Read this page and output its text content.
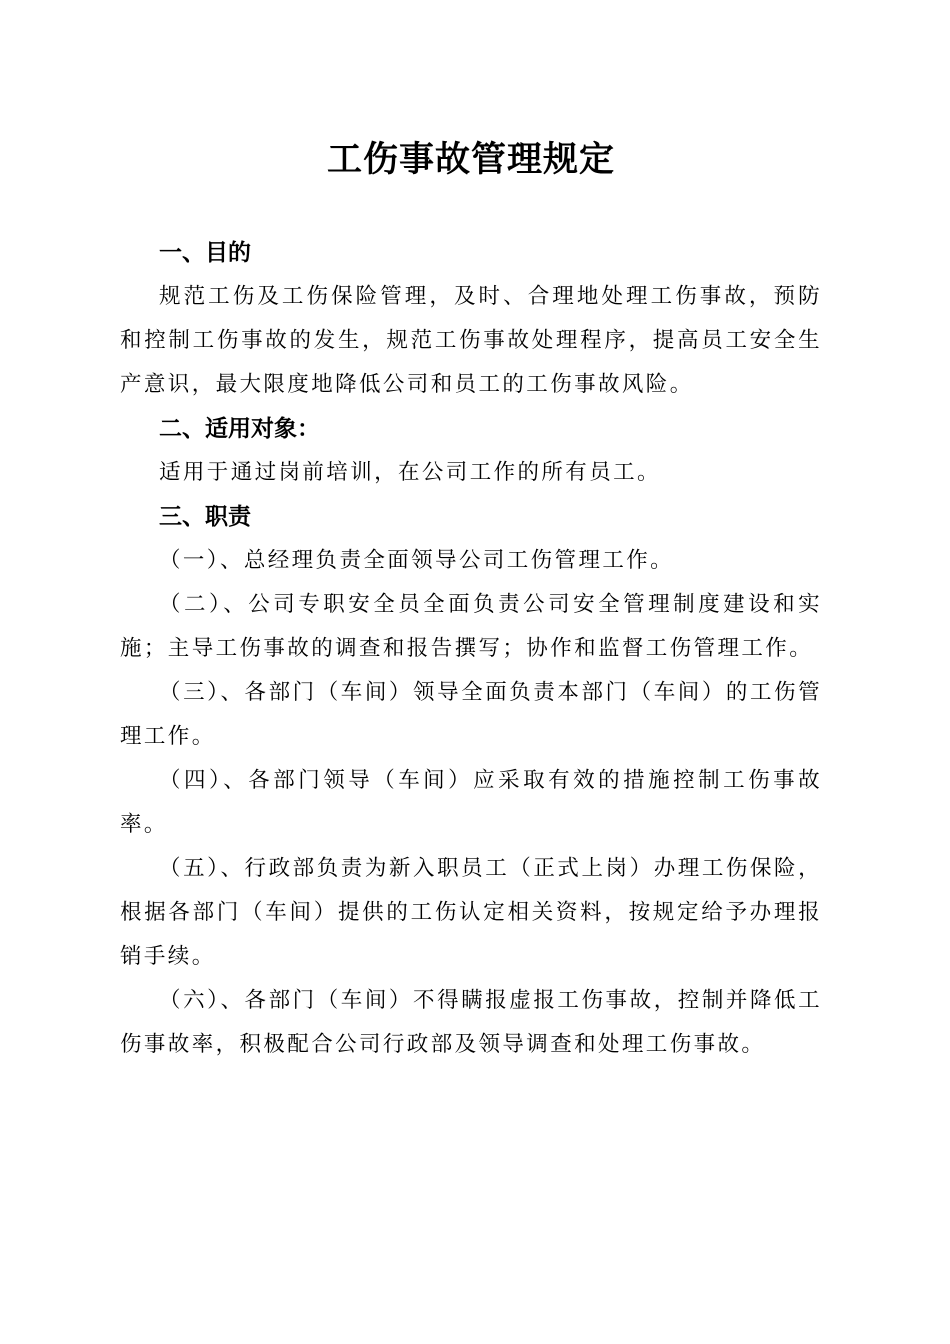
工伤事故管理规定
一、目的

规范工伤及工伤保险管理，及时、合理地处理工伤事故，预防和控制工伤事故的发生，规范工伤事故处理程序，提高员工安全生产意识，最大限度地降低公司和员工的工伤事故风险。

二、适用对象：

适用于通过岗前培训，在公司工作的所有员工。

三、职责

（一）、总经理负责全面领导公司工伤管理工作。

（二）、公司专职安全员全面负责公司安全管理制度建设和实施；主导工伤事故的调查和报告撰写；协作和监督工伤管理工作。

（三）、各部门（车间）领导全面负责本部门（车间）的工伤管理工作。

（四）、各部门领导（车间）应采取有效的措施控制工伤事故率。

（五）、行政部负责为新入职员工（正式上岗）办理工伤保险，根据各部门（车间）提供的工伤认定相关资料，按规定给予办理报销手续。

（六）、各部门（车间）不得瞒报虚报工伤事故，控制并降低工伤事故率，积极配合公司行政部及领导调查和处理工伤事故。
